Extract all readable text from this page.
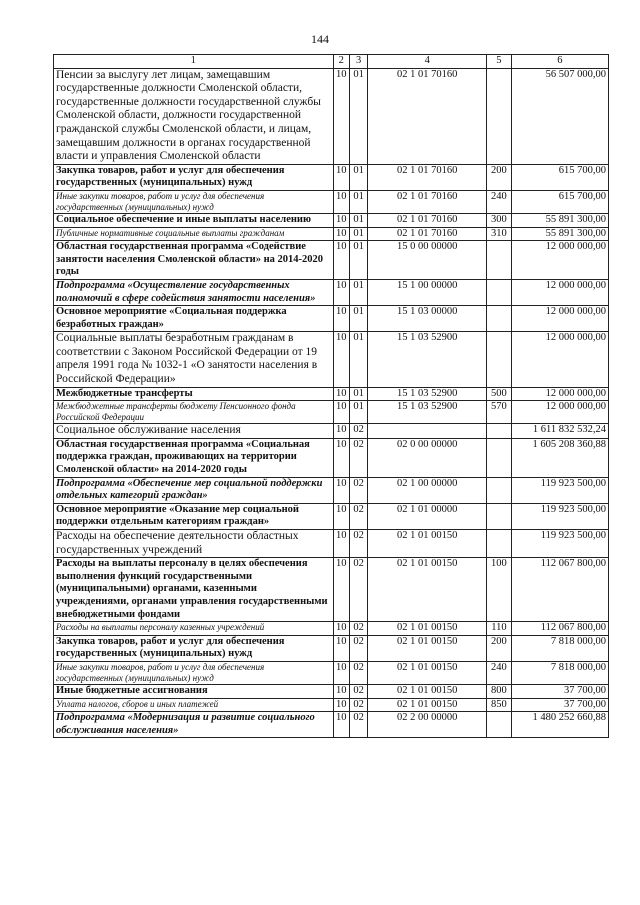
144
1	2	3	4	5	6
Пенсии за выслугу лет лицам, замещавшим государственные должности Смоленской области, государственные должности государственной службы Смоленской области, должности государственной гражданской службы Смоленской области, и лицам, замещавшим должности в органах государственной власти и управления Смоленской области	10	01	02 1 01 70160		56 507 000,00
Закупка товаров, работ и услуг для обеспечения государственных (муниципальных) нужд	10	01	02 1 01 70160	200	615 700,00
Иные закупки товаров, работ и услуг для обеспечения государственных (муниципальных) нужд	10	01	02 1 01 70160	240	615 700,00
Социальное обеспечение и иные выплаты населению	10	01	02 1 01 70160	300	55 891 300,00
Публичные нормативные социальные выплаты гражданам	10	01	02 1 01 70160	310	55 891 300,00
Областная государственная программа «Содействие занятости населения Смоленской области» на 2014-2020 годы	10	01	15 0 00 00000		12 000 000,00
Подпрограмма «Осуществление государственных полномочий в сфере содействия занятости населения»	10	01	15 1 00 00000		12 000 000,00
Основное мероприятие «Социальная поддержка безработных граждан»	10	01	15 1 03 00000		12 000 000,00
Социальные выплаты безработным гражданам в соответствии с Законом Российской Федерации от 19 апреля 1991 года № 1032-1 «О занятости населения в Российской Федерации»	10	01	15 1 03 52900		12 000 000,00
Межбюджетные трансферты	10	01	15 1 03 52900	500	12 000 000,00
Межбюджетные трансферты бюджету Пенсионного фонда Российской Федерации	10	01	15 1 03 52900	570	12 000 000,00
Социальное обслуживание населения	10	02			1 611 832 532,24
Областная государственная программа «Социальная поддержка граждан, проживающих на территории Смоленской области» на 2014-2020 годы	10	02	02 0 00 00000		1 605 208 360,88
Подпрограмма «Обеспечение мер социальной поддержки отдельных категорий граждан»	10	02	02 1 00 00000		119 923 500,00
Основное мероприятие «Оказание мер социальной поддержки отдельным категориям граждан»	10	02	02 1 01 00000		119 923 500,00
Расходы на обеспечение деятельности областных государственных учреждений	10	02	02 1 01 00150		119 923 500,00
Расходы на выплаты персоналу в целях обеспечения выполнения функций государственными (муниципальными) органами, казенными учреждениями, органами управления государственными внебюджетными фондами	10	02	02 1 01 00150	100	112 067 800,00
Расходы на выплаты персоналу казенных учреждений	10	02	02 1 01 00150	110	112 067 800,00
Закупка товаров, работ и услуг для обеспечения государственных (муниципальных) нужд	10	02	02 1 01 00150	200	7 818 000,00
Иные закупки товаров, работ и услуг для обеспечения государственных (муниципальных) нужд	10	02	02 1 01 00150	240	7 818 000,00
Иные бюджетные ассигнования	10	02	02 1 01 00150	800	37 700,00
Уплата налогов, сборов и иных платежей	10	02	02 1 01 00150	850	37 700,00
Подпрограмма «Модернизация и развитие социального обслуживания населения»	10	02	02 2 00 00000		1 480 252 660,88
